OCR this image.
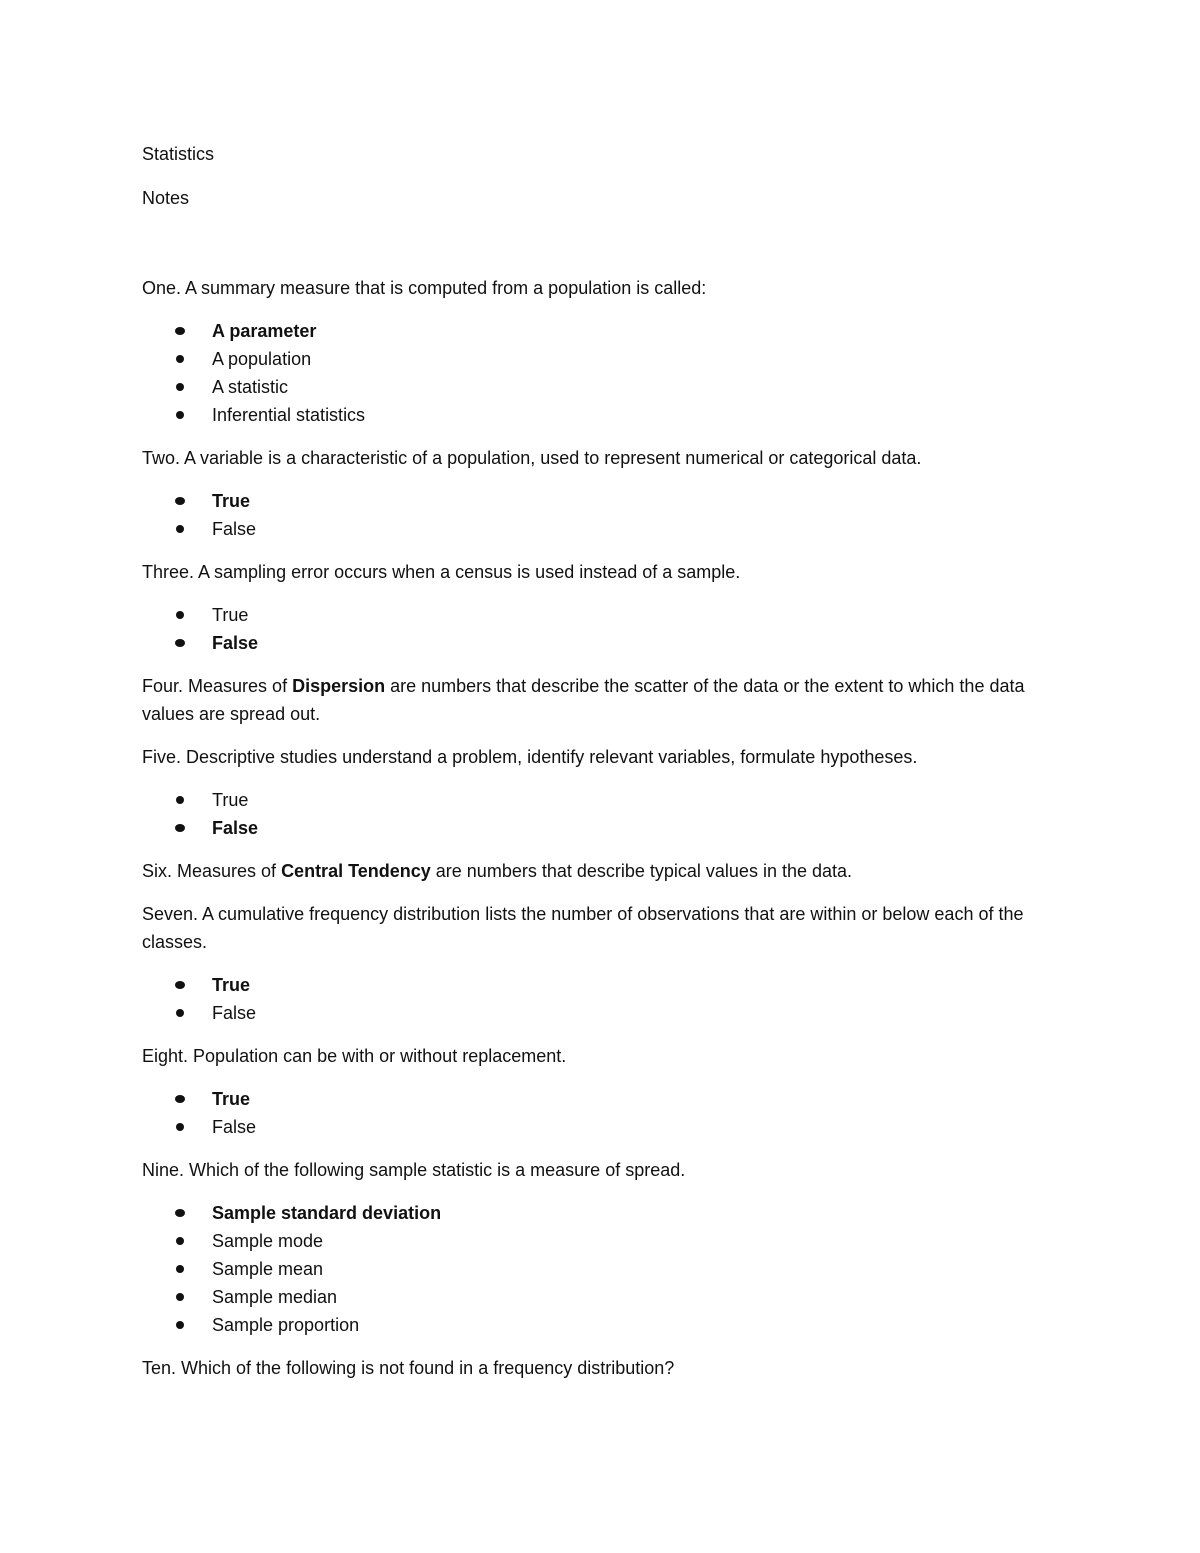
Statistics

Notes

One. A summary measure that is computed from a population is called:

A parameter
A population
A statistic
Inferential statistics

Two. A variable is a characteristic of a population, used to represent numerical or categorical data.

True
False

Three. A sampling error occurs when a census is used instead of a sample.

True
False

Four. Measures of Dispersion are numbers that describe the scatter of the data or the extent to which the data values are spread out.

Five. Descriptive studies understand a problem, identify relevant variables, formulate hypotheses.

True
False

Six. Measures of Central Tendency are numbers that describe typical values in the data.

Seven. A cumulative frequency distribution lists the number of observations that are within or below each of the classes.

True
False

Eight. Population can be with or without replacement.

True
False

Nine. Which of the following sample statistic is a measure of spread.

Sample standard deviation
Sample mode
Sample mean
Sample median
Sample proportion

Ten. Which of the following is not found in a frequency distribution?
